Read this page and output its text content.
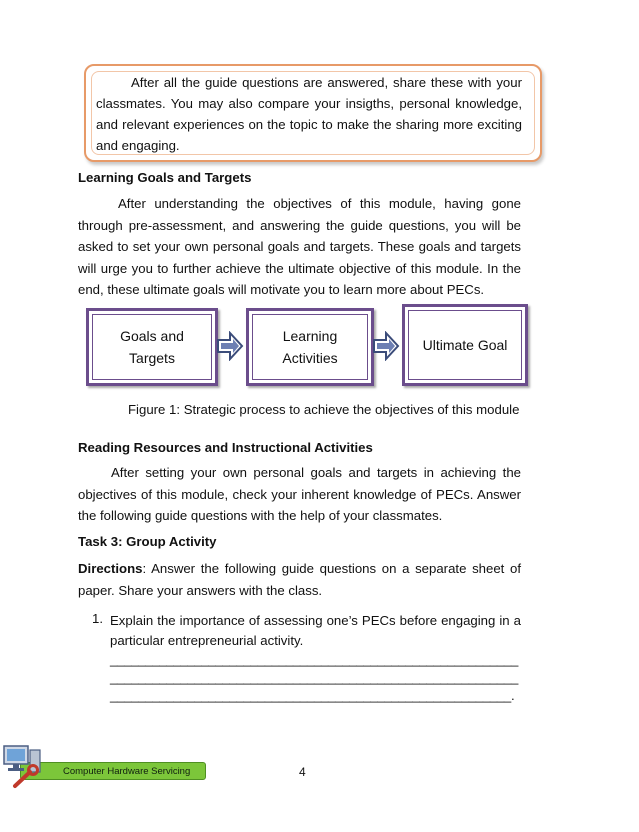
After all the guide questions are answered, share these with your classmates. You may also compare your insigths, personal knowledge, and relevant experiences on the topic to make the sharing more exciting and engaging.
Learning Goals and Targets
After understanding the objectives of this module, having gone through pre-assessment, and answering the guide questions, you will be asked to set your own personal goals and targets. These goals and targets will urge you to further achieve the ultimate objective of this module. In the end, these ultimate goals will motivate you to learn more about PECs.
Goals and
Targets
Learning
Activities
Ultimate Goal
Figure 1: Strategic process to achieve the objectives of this module
Reading Resources and Instructional Activities
After setting your own personal goals and targets in achieving the objectives of this module, check your inherent knowledge of PECs. Answer the following guide questions with the help of your classmates.
Task 3: Group Activity
Directions: Answer the following guide questions on a separate sheet of paper. Share your answers with the class.
1. Explain the importance of assessing one’s PECs before engaging in a particular entrepreneurial activity.
__________________________________________________________
__________________________________________________________
_________________________________________________________.
Computer Hardware Servicing	4
